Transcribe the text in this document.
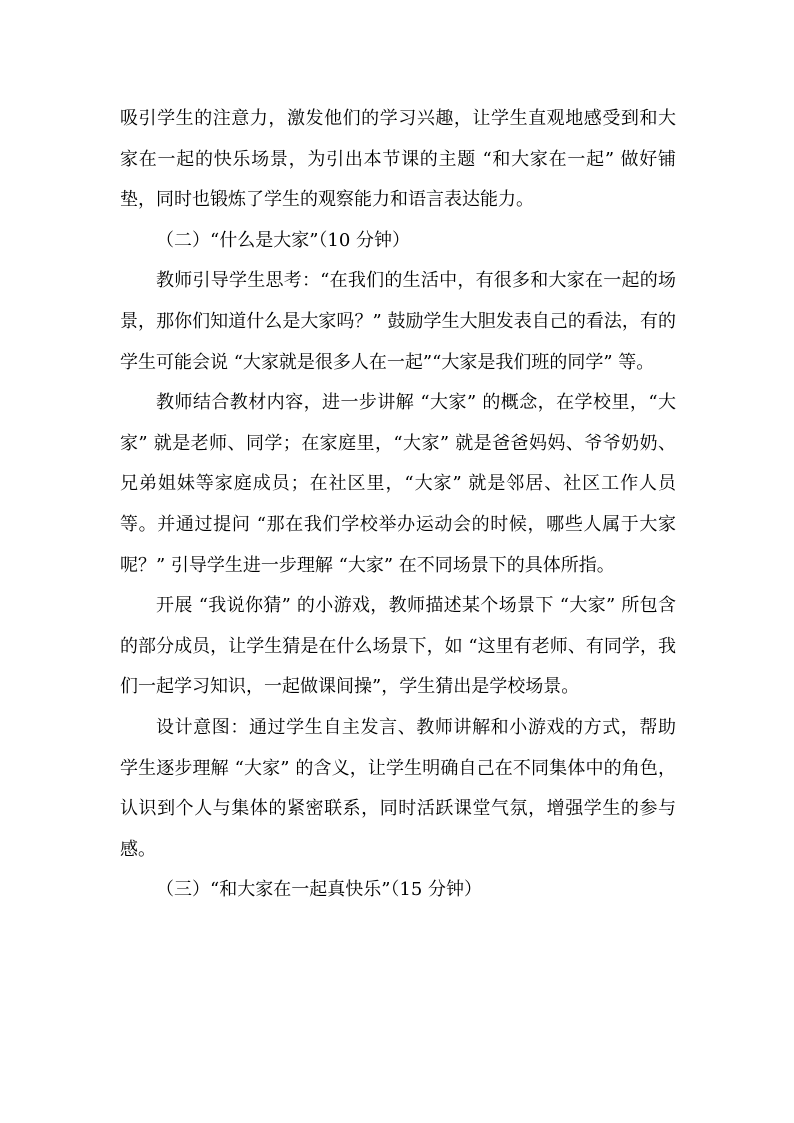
吸引学生的注意力，激发他们的学习兴趣，让学生直观地感受到和大家在一起的快乐场景，为引出本节课的主题 “和大家在一起” 做好铺垫，同时也锻炼了学生的观察能力和语言表达能力。

（二）“什么是大家”（10 分钟）

教师引导学生思考：“在我们的生活中，有很多和大家在一起的场景，那你们知道什么是大家吗？” 鼓励学生大胆发表自己的看法，有的学生可能会说 “大家就是很多人在一起”“大家是我们班的同学” 等。

教师结合教材内容，进一步讲解 “大家” 的概念，在学校里，“大家” 就是老师、同学；在家庭里，“大家” 就是爸爸妈妈、爷爷奶奶、兄弟姐妹等家庭成员；在社区里，“大家” 就是邻居、社区工作人员等。并通过提问 “那在我们学校举办运动会的时候，哪些人属于大家呢？” 引导学生进一步理解 “大家” 在不同场景下的具体所指。

开展 “我说你猜” 的小游戏，教师描述某个场景下 “大家” 所包含的部分成员，让学生猜是在什么场景下，如 “这里有老师、有同学，我们一起学习知识，一起做课间操”，学生猜出是学校场景。

设计意图：通过学生自主发言、教师讲解和小游戏的方式，帮助学生逐步理解 “大家” 的含义，让学生明确自己在不同集体中的角色，认识到个人与集体的紧密联系，同时活跃课堂气氛，增强学生的参与感。

（三）“和大家在一起真快乐”（15 分钟）
